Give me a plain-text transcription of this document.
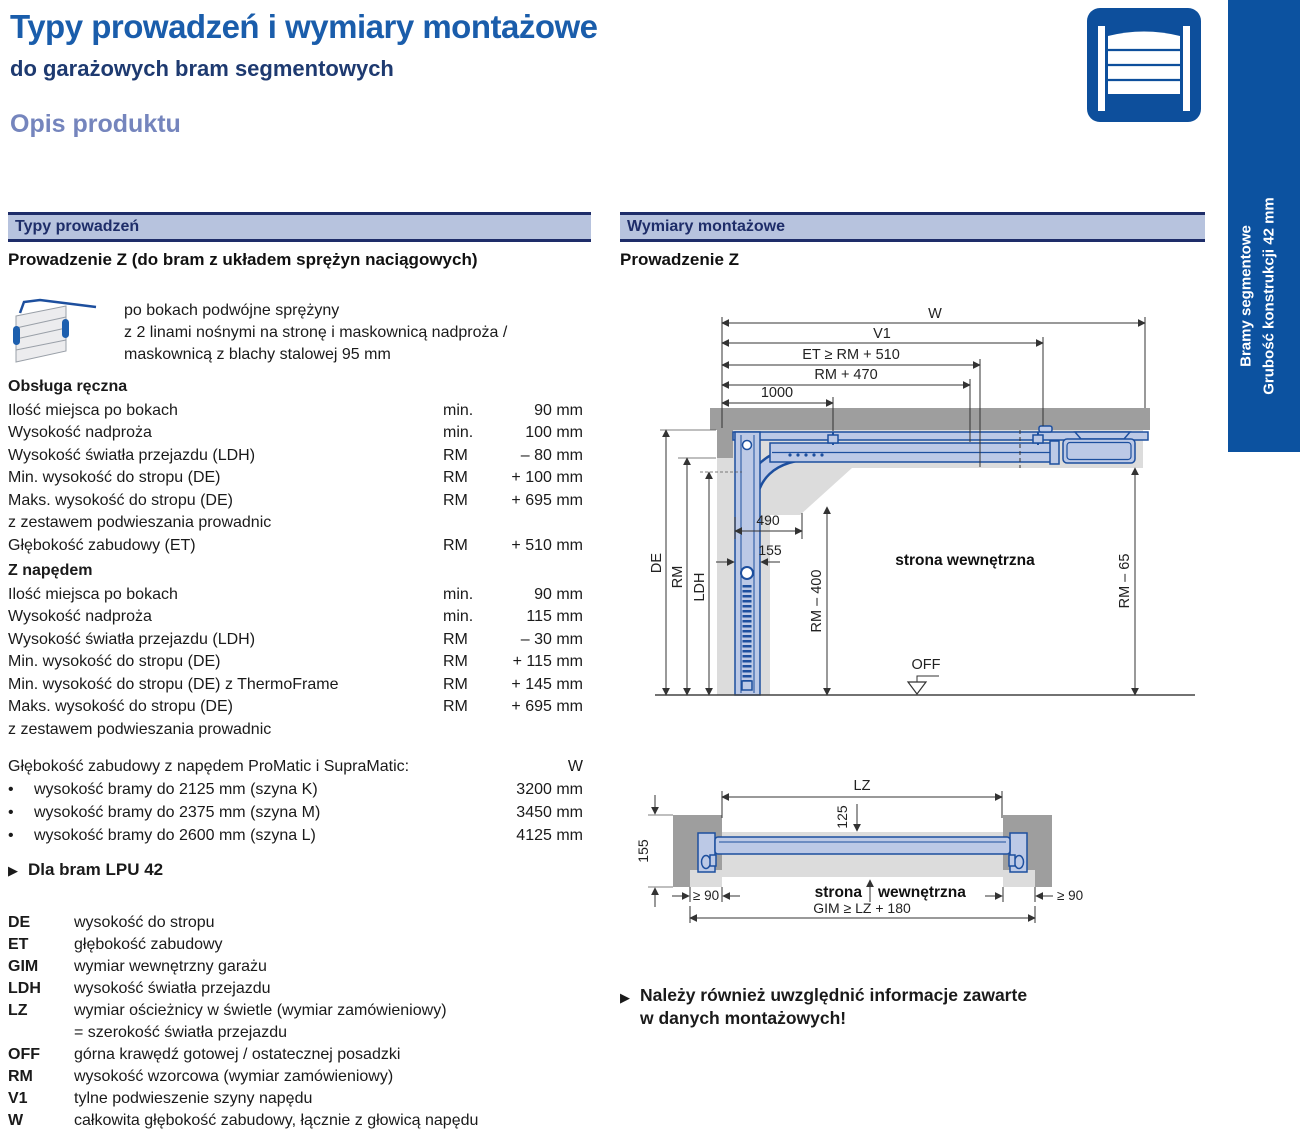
Typy prowadzeń i wymiary montażowe
do garażowych bram segmentowych
Opis produktu
Bramy segmentowe Grubość konstrukcji 42 mm
Typy prowadzeń
Prowadzenie Z (do bram z układem sprężyn naciągowych)
po bokach podwójne sprężyny
z 2 linami nośnymi na stronę i maskownicą nadproża /
maskownicą z blachy stalowej 95 mm
Obsługa ręczna
Ilość miejsca po bokach	min.	90 mm
Wysokość nadproża	min.	100 mm
Wysokość światła przejazdu (LDH)	RM	– 80 mm
Min. wysokość do stropu (DE)	RM	+ 100 mm
Maks. wysokość do stropu (DE)	RM	+ 695 mm
z zestawem podwieszania prowadnic
Głębokość zabudowy (ET)	RM	+ 510 mm
Z napędem
Ilość miejsca po bokach	min.	90 mm
Wysokość nadproża	min.	115 mm
Wysokość światła przejazdu (LDH)	RM	– 30 mm
Min. wysokość do stropu (DE)	RM	+ 115 mm
Min. wysokość do stropu (DE) z ThermoFrame	RM	+ 145 mm
Maks. wysokość do stropu (DE)	RM	+ 695 mm
z zestawem podwieszania prowadnic
Głębokość zabudowy z napędem ProMatic i SupraMatic:	W
•	wysokość bramy do 2125 mm (szyna K)	3200 mm
•	wysokość bramy do 2375 mm (szyna M)	3450 mm
•	wysokość bramy do 2600 mm (szyna L)	4125 mm
▶ Dla bram LPU 42
DE	wysokość do stropu
ET	głębokość zabudowy
GIM	wymiar wewnętrzny garażu
LDH	wysokość światła przejazdu
LZ	wymiar ościeżnicy w świetle (wymiar zamówieniowy)
= szerokość światła przejazdu
OFF	górna krawędź gotowej / ostatecznej posadzki
RM	wysokość wzorcowa (wymiar zamówieniowy)
V1	tylne podwieszenie szyny napędu
W	całkowita głębokość zabudowy, łącznie z głowicą napędu
Wymiary montażowe
Prowadzenie Z
W
V1
ET ≥ RM + 510
RM + 470
1000
490
155
DE
RM LDH	RM – 400	RM – 65
strona wewnętrzna
OFF
LZ
125
155
≥ 90	≥ 90
GIM ≥ LZ + 180
strona wewnętrzna
▶ Należy również uwzględnić informacje zawarte
w danych montażowych!
